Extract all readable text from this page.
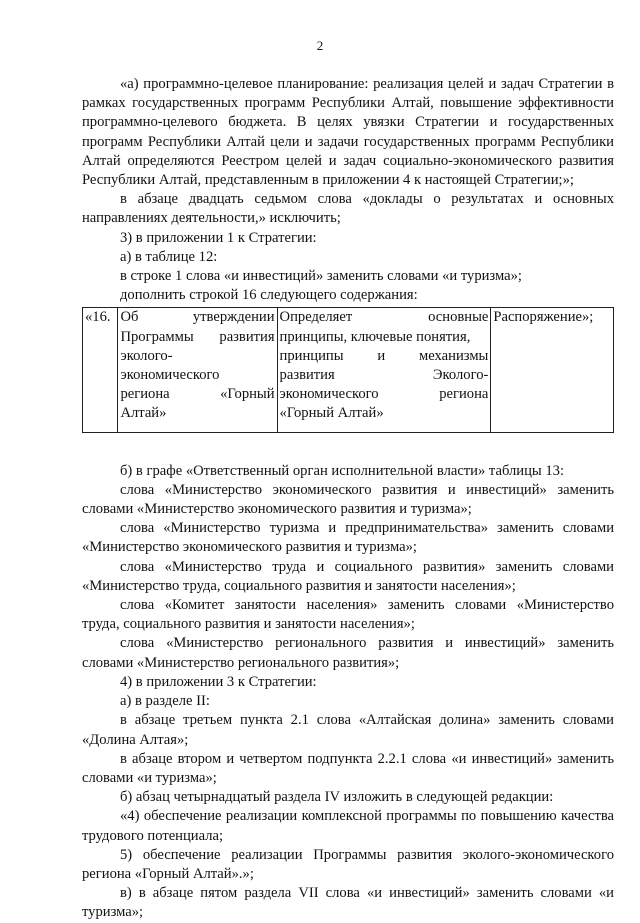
2

«а) программно-целевое планирование: реализация целей и задач Стратегии в рамках государственных программ Республики Алтай, повышение эффективности программно-целевого бюджета. В целях увязки Стратегии и государственных программ Республики Алтай цели и задачи государственных программ Республики Алтай определяются Реестром целей и задач социально-экономического развития Республики Алтай, представленным в приложении 4 к настоящей Стратегии;»;

в абзаце двадцать седьмом слова «доклады о результатах и основных направлениях деятельности,» исключить;

3) в приложении 1 к Стратегии:

а) в таблице 12:

в строке 1 слова «и инвестиций» заменить словами «и туризма»;

дополнить строкой 16 следующего содержания:

«16.	Об утверждении
Программы развития
эколого-
экономического
региона «Горный
Алтай»

Определяет основные
принципы, ключевые понятия,
принципы и механизмы
развития Эколого-
экономического региона
«Горный Алтай»
	Распоряжение»;

б) в графе «Ответственный орган исполнительной власти» таблицы 13:

слова «Министерство экономического развития и инвестиций» заменить словами «Министерство экономического развития и туризма»;

слова «Министерство туризма и предпринимательства» заменить словами «Министерство экономического развития и туризма»;

слова «Министерство труда и социального развития» заменить словами «Министерство труда, социального развития и занятости населения»;

слова «Комитет занятости населения» заменить словами «Министерство труда, социального развития и занятости населения»;

слова «Министерство регионального развития и инвестиций» заменить словами «Министерство регионального развития»;

4) в приложении 3 к Стратегии:

а) в разделе II:

в абзаце третьем пункта 2.1 слова «Алтайская долина» заменить словами «Долина Алтая»;

в абзаце втором и четвертом подпункта 2.2.1 слова «и инвестиций» заменить словами «и туризма»;

б) абзац четырнадцатый раздела IV изложить в следующей редакции:

«4) обеспечение реализации комплексной программы по повышению качества трудового потенциала;

5) обеспечение реализации Программы развития эколого-экономического региона «Горный Алтай».»;

в) в абзаце пятом раздела VII слова «и инвестиций» заменить словами «и туризма»;
